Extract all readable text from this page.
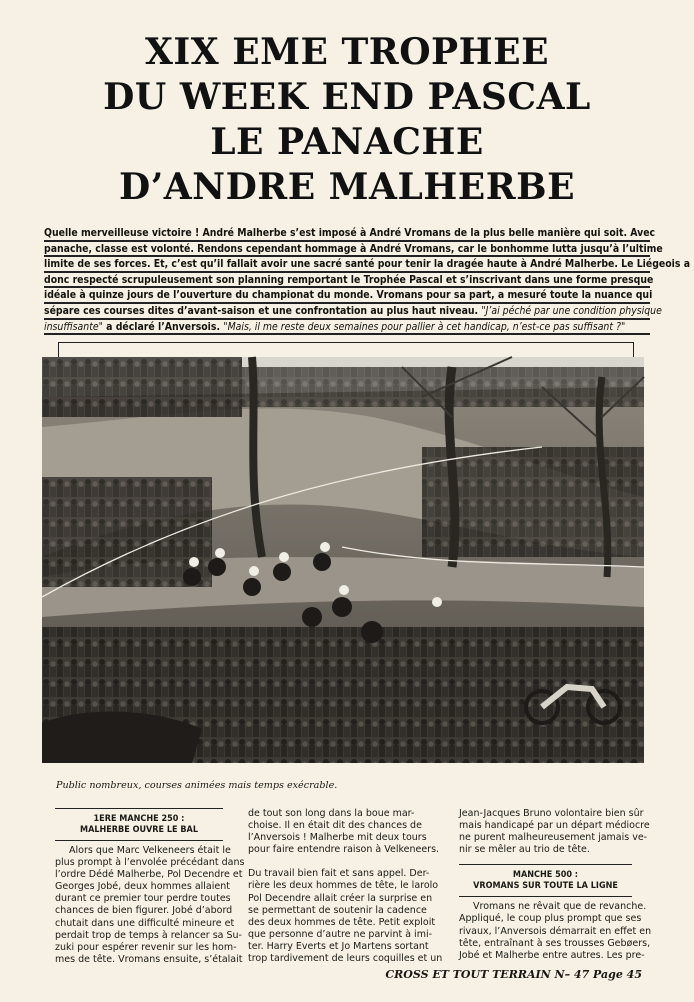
XIX EME TROPHEE
DU WEEK END PASCAL
LE PANACHE
D’ANDRE MALHERBE
Quelle merveilleuse victoire ! André Malherbe s’est imposé à André Vromans de la plus belle manière qui soit. Avec
panache, classe est volonté. Rendons cependant hommage à André Vromans, car le bonhomme lutta jusqu’à l’ultime
limite de ses forces. Et, c’est qu’il fallait avoir une sacré santé pour tenir la dragée haute à André Malherbe. Le Liégeois a
donc respecté scrupuleusement son planning remportant le Trophée Pascal et s’inscrivant dans une forme presque
idéale à quinze jours de l’ouverture du championat du monde. Vromans pour sa part, a mesuré toute la nuance qui
sépare ces courses dites d’avant-saison et une confrontation au plus haut niveau. "J’ai péché par une condition physique
insuffisante" a déclaré l’Anversois. "Mais, il me reste deux semaines pour pallier à cet handicap, n’est-ce pas suffisant ?"
Public nombreux, courses animées mais temps exécrable.
1ERE MANCHE 250 :
MALHERBE OUVRE LE BAL
Alors que Marc Velkeneers était le
plus prompt à l’envolée précédant dans
l’ordre Dédé Malherbe, Pol Decendre et
Georges Jobé, deux hommes allaient
durant ce premier tour perdre toutes
chances de bien figurer. Jobé d’abord
chutait dans une difficulté mineure et
perdait trop de temps à relancer sa Su-
zuki pour espérer revenir sur les hom-
mes de tête. Vromans ensuite, s’étalait
de tout son long dans la boue mar-
choise. Il en était dit des chances de
l’Anversois ! Malherbe mit deux tours
pour faire entendre raison à Velkeneers.
Du travail bien fait et sans appel. Der-
rière les deux hommes de tête, le larolo
Pol Decendre allait créer la surprise en
se permettant de soutenir la cadence
des deux hommes de tête. Petit exploit
que personne d’autre ne parvint à imi-
ter. Harry Everts et Jo Martens sortant
trop tardivement de leurs coquilles et un
Jean-Jacques Bruno volontaire bien sûr
mais handicapé par un départ médiocre
ne purent malheureusement jamais ve-
nir se mêler au trio de tête.
MANCHE 500 :
VROMANS SUR TOUTE LA LIGNE
Vromans ne rêvait que de revanche.
Appliqué, le coup plus prompt que ses
rivaux, l’Anversois démarrait en effet en
tête, entraînant à ses trousses Gebøers,
Jobé et Malherbe entre autres. Les pre-
CROSS ET TOUT TERRAIN N– 47 Page 45
